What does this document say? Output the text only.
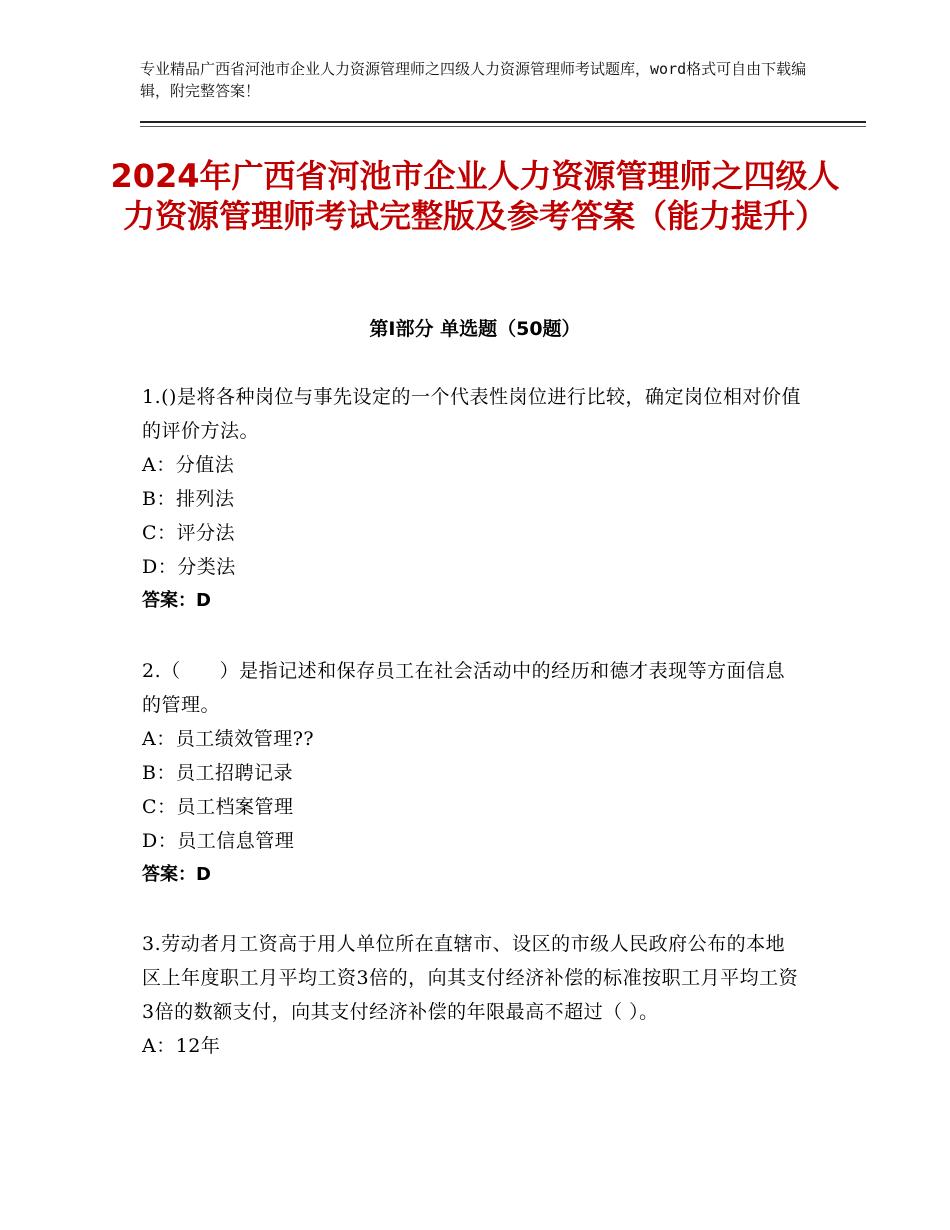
专业精品广西省河池市企业人力资源管理师之四级人力资源管理师考试题库，word格式可自由下载编辑，附完整答案！
2024年广西省河池市企业人力资源管理师之四级人力资源管理师考试完整版及参考答案（能力提升）
第Ⅰ部分 单选题（50题）

1.()是将各种岗位与事先设定的一个代表性岗位进行比较，确定岗位相对价值的评价方法。

A：分值法

B：排列法

C：评分法

D：分类法

答案：D

2.（　　）是指记述和保存员工在社会活动中的经历和德才表现等方面信息的管理。

A：员工绩效管理??

B：员工招聘记录

C：员工档案管理

D：员工信息管理

答案：D

3.劳动者月工资高于用人单位所在直辖市、设区的市级人民政府公布的本地区上年度职工月平均工资3倍的，向其支付经济补偿的标准按职工月平均工资3倍的数额支付，向其支付经济补偿的年限最高不超过（ ）。

A：12年
